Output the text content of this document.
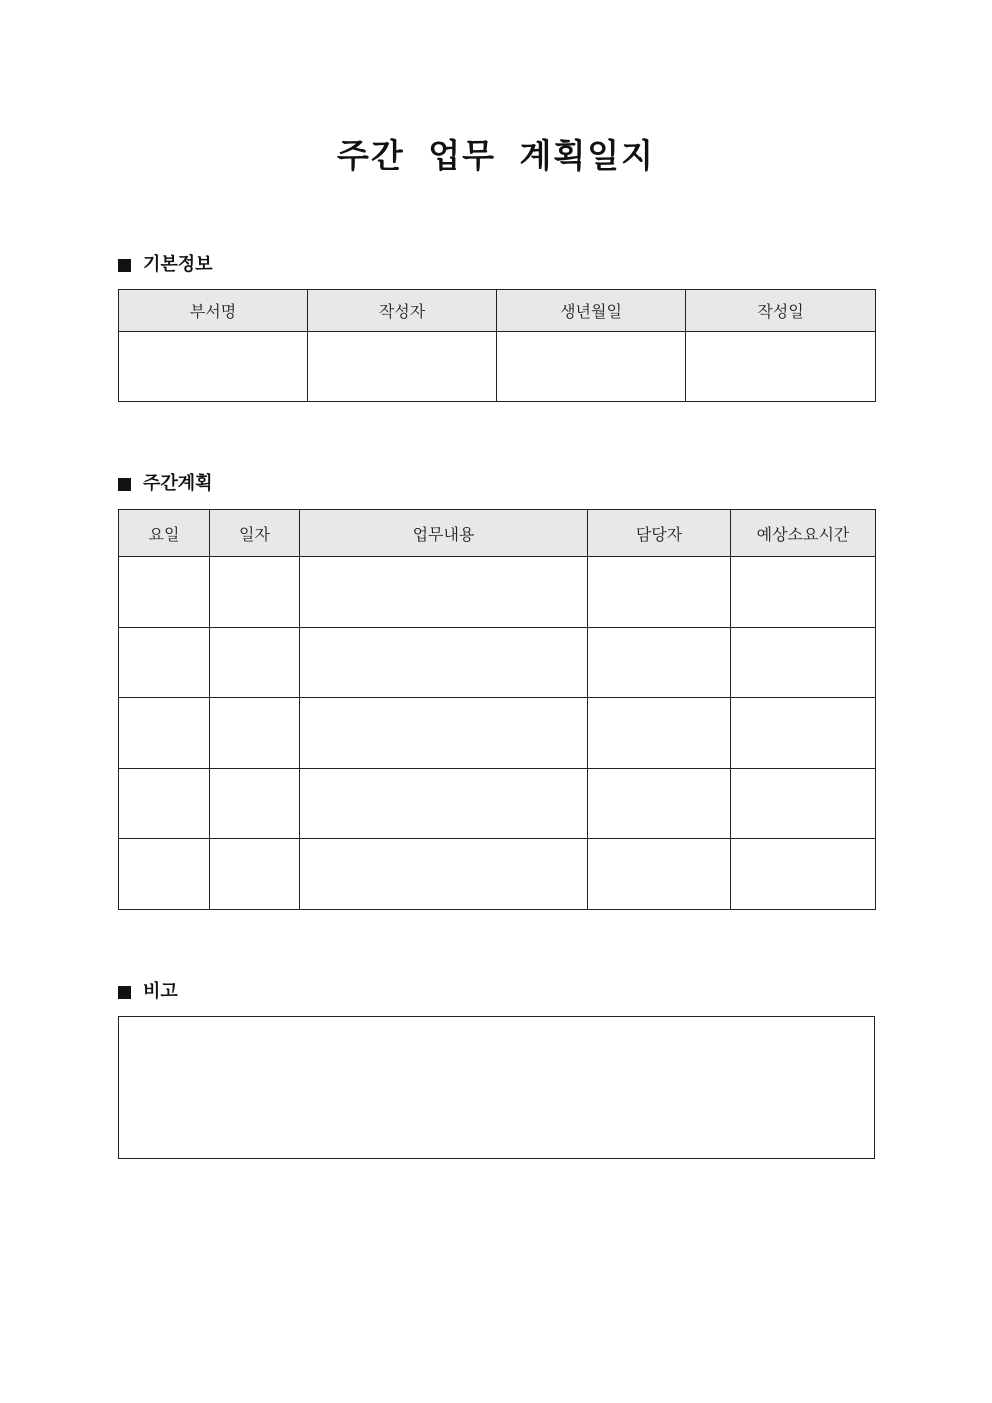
주간 업무 계획일지
기본정보
부서명	작성자	생년월일	작성일

주간계획
요일	일자	업무내용	담당자	예상소요시간

비고
